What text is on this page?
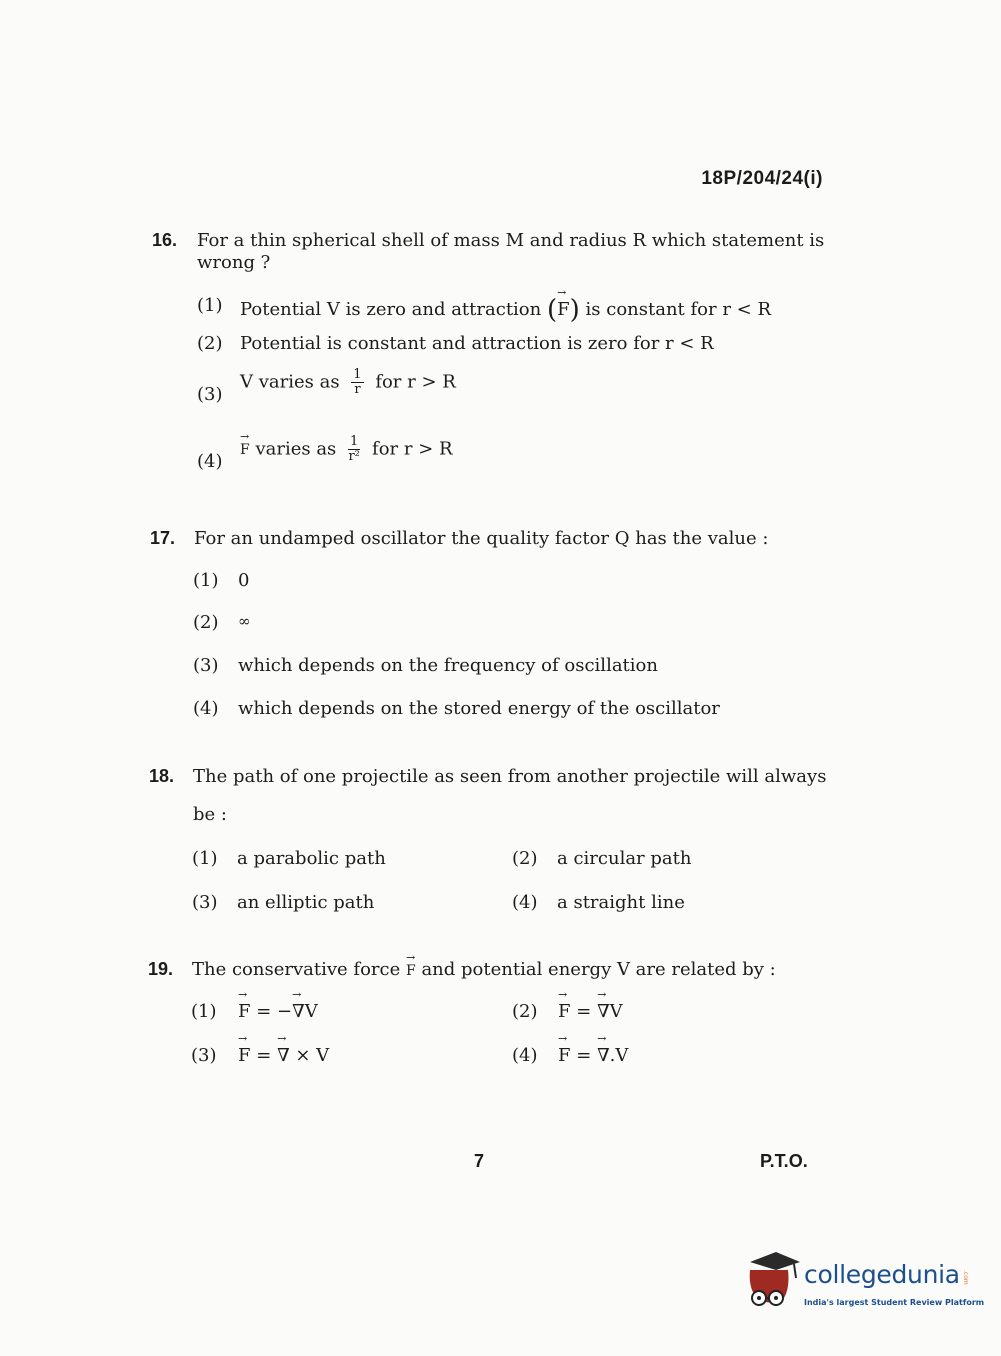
18P/204/24(i)
16. For a thin spherical shell of mass M and radius R which statement is
wrong ?
(1) Potential V is zero and attraction (→ F) is constant for r < R
(2) Potential is constant and attraction is zero for r < R
(3)
V varies as $\frac{1}{r}$ for r > R
(4)
→ F varies as $\frac{1}{\text{r²}}$ for r > R
17. For an undamped oscillator the quality factor Q has the value :
(1) 0
(2) ∞
(3) which depends on the frequency of oscillation
(4) which depends on the stored energy of the oscillator
18. The path of one projectile as seen from another projectile will always
be :
(1) a parabolic path	(2) a circular path
(3) an elliptic path	(4) a straight line
19. The conservative force → F and potential energy V are related by :
(1) → F = −→ ∇V	(2) → F = → ∇V
(3) → F = → ∇ × V	(4) → F = → ∇.V
7	P.T.O.
collegedunia .com
India's largest Student Review Platform
